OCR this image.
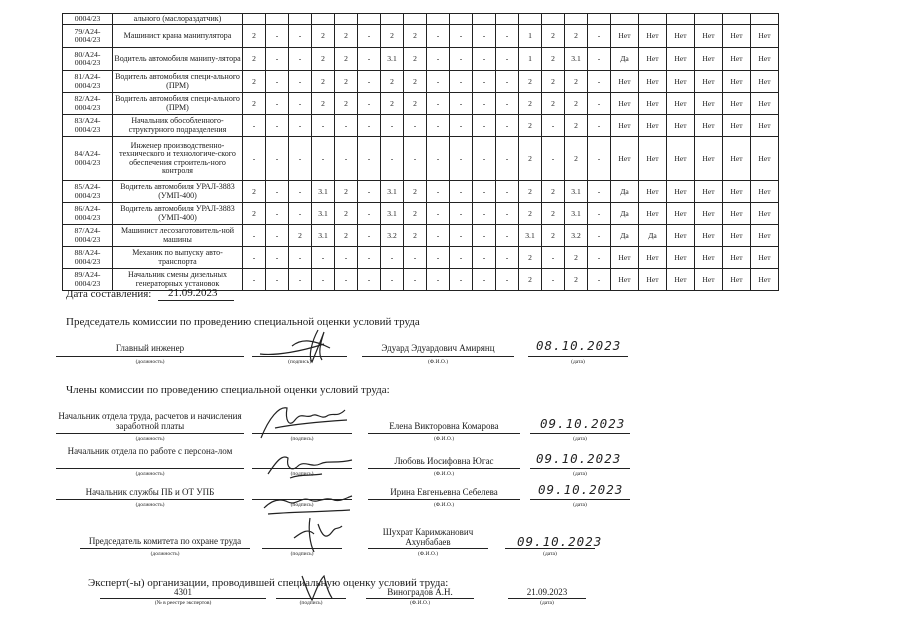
0004/23	ального (маслораздатчик)																						
79/A24-0004/23	Машинист крана манипулятора	2	-	-	2	2	-	2	2	-	-	-	-	1	2	2	-	Нет	Нет	Нет	Нет	Нет	Нет
80/A24-0004/23	Водитель автомобиля манипу-лятора	2	-	-	2	2	-	3.1	2	-	-	-	-	1	2	3.1	-	Да	Нет	Нет	Нет	Нет	Нет
81/A24-0004/23	Водитель автомобиля специ-ального (ПРМ)	2	-	-	2	2	-	2	2	-	-	-	-	2	2	2	-	Нет	Нет	Нет	Нет	Нет	Нет
82/A24-0004/23	Водитель автомобиля специ-ального (ПРМ)	2	-	-	2	2	-	2	2	-	-	-	-	2	2	2	-	Нет	Нет	Нет	Нет	Нет	Нет
83/A24-0004/23	Начальник обособленного-структурного подразделения	-	-	-	-	-	-	-	-	-	-	-	-	2	-	2	-	Нет	Нет	Нет	Нет	Нет	Нет
84/A24-0004/23	Инженер производственно-технического и технологиче-ского обеспечения строитель-ного контроля	-	-	-	-	-	-	-	-	-	-	-	-	2	-	2	-	Нет	Нет	Нет	Нет	Нет	Нет
85/A24-0004/23	Водитель автомобиля УРАЛ-3883 (УМП-400)	2	-	-	3.1	2	-	3.1	2	-	-	-	-	2	2	3.1	-	Да	Нет	Нет	Нет	Нет	Нет
86/A24-0004/23	Водитель автомобиля УРАЛ-3883 (УМП-400)	2	-	-	3.1	2	-	3.1	2	-	-	-	-	2	2	3.1	-	Да	Нет	Нет	Нет	Нет	Нет
87/A24-0004/23	Машинист лесозаготовитель-ной машины	-	-	2	3.1	2	-	3.2	2	-	-	-	-	3.1	2	3.2	-	Да	Да	Нет	Нет	Нет	Нет
88/A24-0004/23	Механик по выпуску авто-транспорта	-	-	-	-	-	-	-	-	-	-	-	-	2	-	2	-	Нет	Нет	Нет	Нет	Нет	Нет
89/A24-0004/23	Начальник смены дизельных генераторных установок	-	-	-	-	-	-	-	-	-	-	-	-	2	-	2	-	Нет	Нет	Нет	Нет	Нет	Нет
Дата составления: 21.09.2023
Председатель комиссии по проведению специальной оценки условий труда
Главный инженер
(должность)	(подпись)
Эдуард Эдуардович Амирянц
(Ф.И.О.)
08.10.2023
(дата)
Члены комиссии по проведению специальной оценки условий труда:
Начальник отдела труда, расчетов и начисления заработной платы
(должность)	(подпись)
Елена Викторовна Комарова
(Ф.И.О.)
09.10.2023
(дата)
Начальник отдела по работе с персона-лом
(должность)	(подпись)
Любовь Иосифовна Югас
(Ф.И.О.)
09.10.2023
(дата)
Начальник службы ПБ и ОТ УПБ
(должность)	(подпись)
Ирина Евгеньевна Себелева
(Ф.И.О.)
09.10.2023
(дата)
Председатель комитета по охране труда
(должность)	(подпись)
Шухрат Каримжанович Ахунбабаев
(Ф.И.О.)
09.10.2023
(дата)
Эксперт(-ы) организации, проводившей специальную оценку условий труда:
4301
(№ в реестре экспертов)	(подпись)
Виноградов А.Н.
(Ф.И.О.)
21.09.2023
(дата)
